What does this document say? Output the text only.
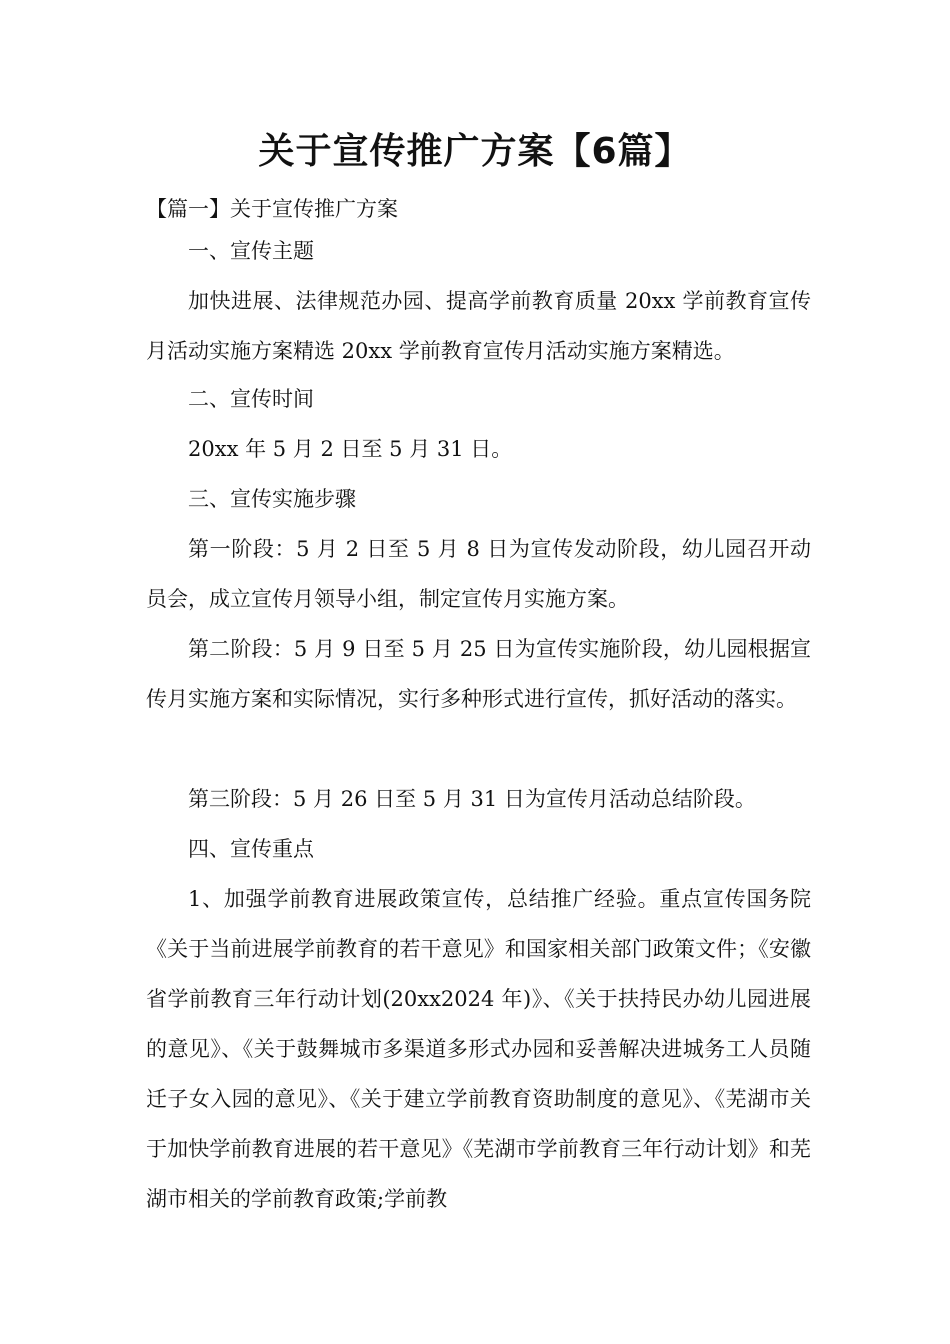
关于宣传推广方案【6篇】
【篇一】关于宣传推广方案
一、宣传主题
加快进展、法律规范办园、提高学前教育质量 20xx 学前教育宣传月活动实施方案精选 20xx 学前教育宣传月活动实施方案精选。
二、宣传时间
20xx 年 5 月 2 日至 5 月 31 日。
三、宣传实施步骤
第一阶段：5 月 2 日至 5 月 8 日为宣传发动阶段，幼儿园召开动员会，成立宣传月领导小组，制定宣传月实施方案。
第二阶段：5 月 9 日至 5 月 25 日为宣传实施阶段，幼儿园根据宣传月实施方案和实际情况，实行多种形式进行宣传，抓好活动的落实。
第三阶段：5 月 26 日至 5 月 31 日为宣传月活动总结阶段。
四、宣传重点
1、加强学前教育进展政策宣传，总结推广经验。重点宣传国务院《关于当前进展学前教育的若干意见》和国家相关部门政策文件；《安徽省学前教育三年行动计划(20xx2024 年)》、《关于扶持民办幼儿园进展的意见》、《关于鼓舞城市多渠道多形式办园和妥善解决进城务工人员随迁子女入园的意见》、《关于建立学前教育资助制度的意见》、《芜湖市关于加快学前教育进展的若干意见》《芜湖市学前教育三年行动计划》和芜湖市相关的学前教育政策;学前教
